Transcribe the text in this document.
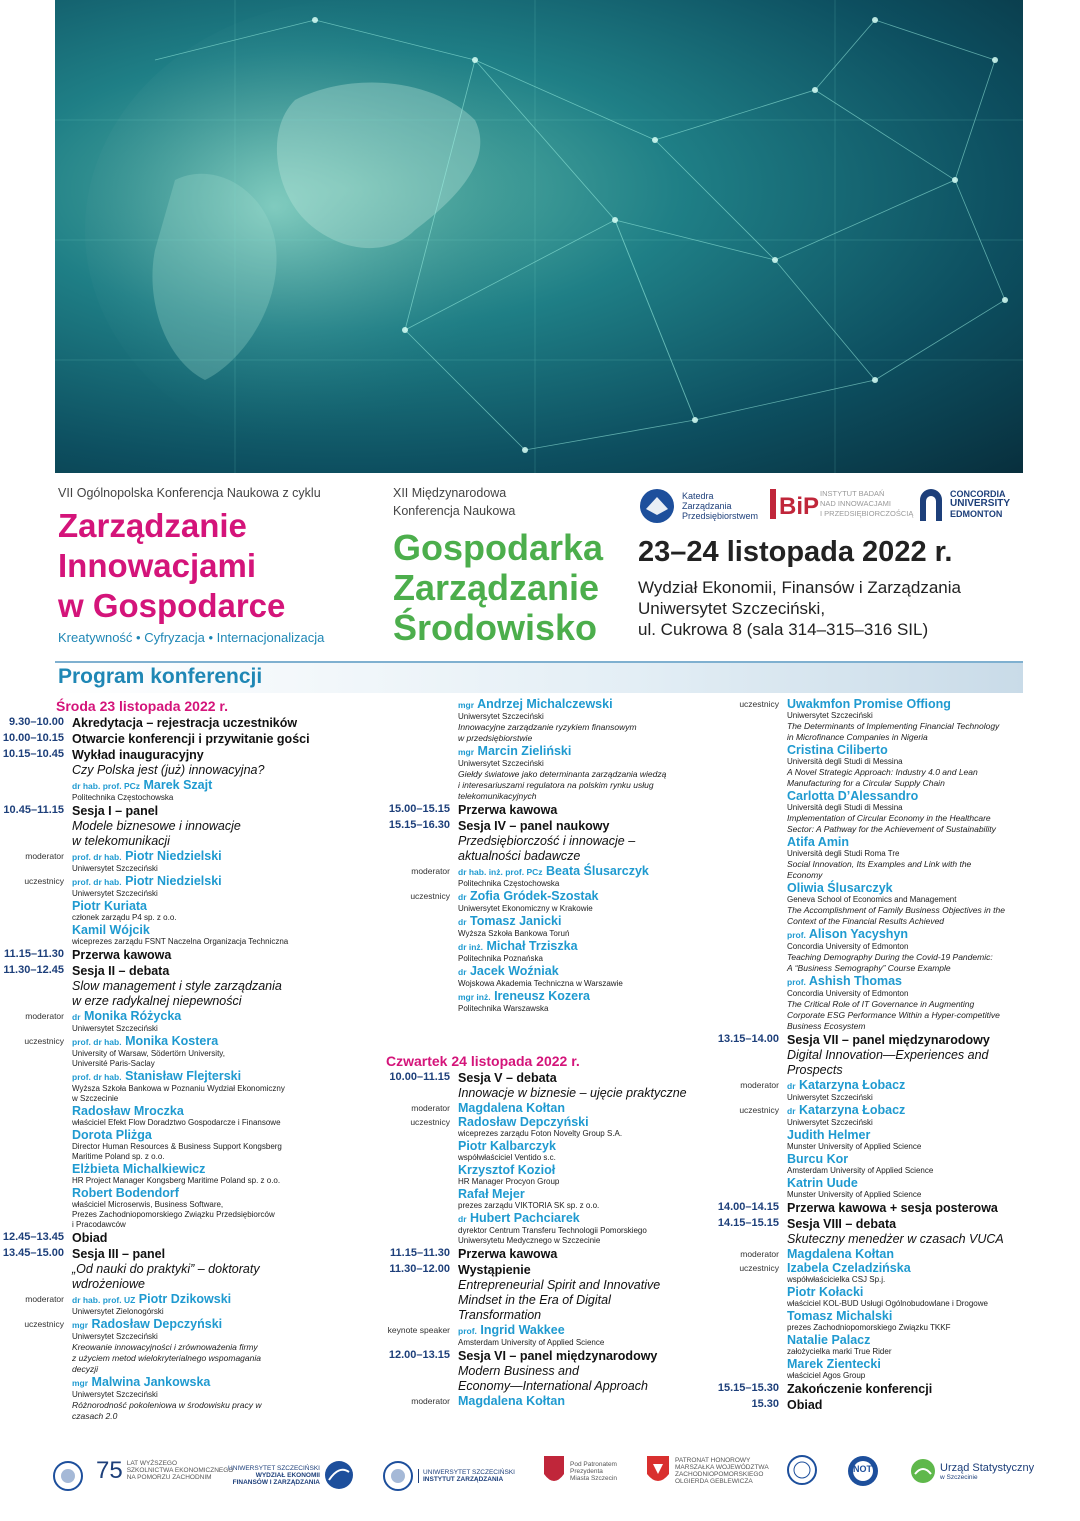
VII Ogólnopolska Konferencja Naukowa z cyklu
Zarządzanie
Innowacjami
w Gospodarce
Kreatywność • Cyfryzacja • Internacjonalizacja
XII Międzynarodowa
Konferencja Naukowa
Gospodarka
Zarządzanie
Środowisko
Katedra
Zarządzania
Przedsiębiorstwem BiP INSTYTUT BADAŃ
NAD INNOWACJAMI
I PRZEDSIĘBIORCZOŚCIĄ
CONCORDIA
UNIVERSITY
EDMONTON
23–24 listopada 2022 r.
Wydział Ekonomii, Finansów i Zarządzania
Uniwersytet Szczeciński,
ul. Cukrowa 8 (sala 314–315–316 SIL)
Program konferencji
Środa 23 listopada 2022 r.
9.30–10.00 Akredytacja – rejestracja uczestników
10.00–10.15 Otwarcie konferencji i przywitanie gości
10.15–10.45 Wykład inauguracyjny
Czy Polska jest (już) innowacyjna?
dr hab. prof. PCz Marek Szajt
Politechnika Częstochowska
10.45–11.15 Sesja I – panel
Modele biznesowe i innowacje
w telekomunikacji
moderator prof. dr hab. Piotr Niedzielski
Uniwersytet Szczeciński
uczestnicy prof. dr hab. Piotr Niedzielski
Uniwersytet Szczeciński
Piotr Kuriata
członek zarządu P4 sp. z o.o.
Kamil Wójcik
wiceprezes zarządu FSNT Naczelna Organizacja Techniczna
11.15–11.30 Przerwa kawowa
11.30–12.45 Sesja II – debata
Slow management i style zarządzania
w erze radykalnej niepewności
moderator dr Monika Różycka
Uniwersytet Szczeciński
uczestnicy prof. dr hab. Monika Kostera
University of Warsaw, Södertörn University,
Université Paris-Saclay
prof. dr hab. Stanisław Flejterski
Wyższa Szkoła Bankowa w Poznaniu Wydział Ekonomiczny
w Szczecinie
Radosław Mroczka
właściciel Efekt Flow Doradztwo Gospodarcze i Finansowe
Dorota Pliżga
Director Human Resources & Business Support Kongsberg
Maritime Poland sp. z o.o.
Elżbieta Michalkiewicz
HR Project Manager Kongsberg Maritime Poland sp. z o.o.
Robert Bodendorf
właściciel Microserwis, Business Software,
Prezes Zachodniopomorskiego Związku Przedsiębiorców
i Pracodawców
12.45–13.45 Obiad
13.45–15.00 Sesja III – panel
„Od nauki do praktyki” – doktoraty
wdrożeniowe
moderator dr hab. prof. UZ Piotr Dzikowski
Uniwersytet Zielonogórski
uczestnicy mgr Radosław Depczyński
Uniwersytet Szczeciński
Kreowanie innowacyjności i zrównoważenia firmy
z użyciem metod wielokryterialnego wspomagania
decyzji
mgr Malwina Jankowska
Uniwersytet Szczeciński
Różnorodność pokoleniowa w środowisku pracy w
czasach 2.0
mgr Andrzej Michalczewski
Uniwersytet Szczeciński
Innowacyjne zarządzanie ryzykiem finansowym
w przedsiębiorstwie
mgr Marcin Zieliński
Uniwersytet Szczeciński
Giełdy światowe jako determinanta zarządzania wiedzą
i interesariuszami regulatora na polskim rynku usług
telekomunikacyjnych
15.00–15.15 Przerwa kawowa
15.15–16.30 Sesja IV – panel naukowy
Przedsiębiorczość i innowacje –
aktualności badawcze
moderator dr hab. inż. prof. PCz Beata Ślusarczyk
Politechnika Częstochowska
uczestnicy dr Zofia Gródek-Szostak
Uniwersytet Ekonomiczny w Krakowie
dr Tomasz Janicki
Wyższa Szkoła Bankowa Toruń
dr inż. Michał Trziszka
Politechnika Poznańska
dr Jacek Woźniak
Wojskowa Akademia Techniczna w Warszawie
mgr inż. Ireneusz Kozera
Politechnika Warszawska
Czwartek 24 listopada 2022 r.
10.00–11.15 Sesja V – debata
Innowacje w biznesie – ujęcie praktyczne
moderator Magdalena Kołtan
uczestnicy Radosław Depczyński
wiceprezes zarządu Foton Novelty Group S.A.
Piotr Kalbarczyk
współwłaściciel Ventido s.c.
Krzysztof Kozioł
HR Manager Procyon Group
Rafał Mejer
prezes zarządu VIKTORIA SK sp. z o.o.
dr Hubert Pachciarek
dyrektor Centrum Transferu Technologii Pomorskiego
Uniwersytetu Medycznego w Szczecinie
11.15–11.30 Przerwa kawowa
11.30–12.00 Wystąpienie
Entrepreneurial Spirit and Innovative
Mindset in the Era of Digital
Transformation
keynote speaker prof. Ingrid Wakkee
Amsterdam University of Applied Science
12.00–13.15 Sesja VI – panel międzynarodowy
Modern Business and
Economy—International Approach
moderator Magdalena Kołtan
uczestnicy Uwakmfon Promise Offiong
Uniwersytet Szczeciński
The Determinants of Implementing Financial Technology
in Microfinance Companies in Nigeria
Cristina Ciliberto
Università degli Studi di Messina
A Novel Strategic Approach: Industry 4.0 and Lean
Manufacturing for a Circular Supply Chain
Carlotta D’Alessandro
Università degli Studi di Messina
Implementation of Circular Economy in the Healthcare
Sector: A Pathway for the Achievement of Sustainability
Atifa Amin
Università degli Studi Roma Tre
Social Innovation, Its Examples and Link with the
Economy
Oliwia Ślusarczyk
Geneva School of Economics and Management
The Accomplishment of Family Business Objectives in the
Context of the Financial Results Achieved
prof. Alison Yacyshyn
Concordia University of Edmonton
Teaching Demography During the Covid-19 Pandemic:
A “Business Semography” Course Example
prof. Ashish Thomas
Concordia University of Edmonton
The Critical Role of IT Governance in Augmenting
Corporate ESG Performance Within a Hyper-competitive
Business Ecosystem
13.15–14.00 Sesja VII – panel międzynarodowy
Digital Innovation—Experiences and
Prospects
moderator dr Katarzyna Łobacz
Uniwersytet Szczeciński
uczestnicy dr Katarzyna Łobacz
Uniwersytet Szczeciński
Judith Helmer
Munster University of Applied Science
Burcu Kor
Amsterdam University of Applied Science
Katrin Uude
Munster University of Applied Science
14.00–14.15 Przerwa kawowa + sesja posterowa
14.15–15.15 Sesja VIII – debata
Skuteczny menedżer w czasach VUCA
moderator Magdalena Kołtan
uczestnicy Izabela Czeladzińska
współwłaścicielka CSJ Sp.j.
Piotr Kołacki
właściciel KOL-BUD Usługi Ogólnobudowlane i Drogowe
Tomasz Michalski
prezes Zachodniopomorskiego Związku TKKF
Natalie Palacz
założycielka marki True Rider
Marek Zientecki
właściciel Agos Group
15.15–15.30 Zakończenie konferencji
15.30 Obiad
75 LAT WYŻSZEGO
SZKOLNICTWA EKONOMICZNEGO
NA POMORZU ZACHODNIM
UNIWERSYTET SZCZECIŃSKI
WYDZIAŁ EKONOMII
FINANSÓW I ZARZĄDZANIA
UNIWERSYTET SZCZECIŃSKI
INSTYTUT ZARZĄDZANIA
Pod Patronatem
Prezydenta
Miasta Szczecin
PATRONAT HONOROWY
MARSZAŁKA WOJEWÓDZTWA
ZACHODNIOPOMORSKIEGO
OLGIERDA GEBLEWICZA
NOT	Urząd Statystyczny
w Szczecinie
